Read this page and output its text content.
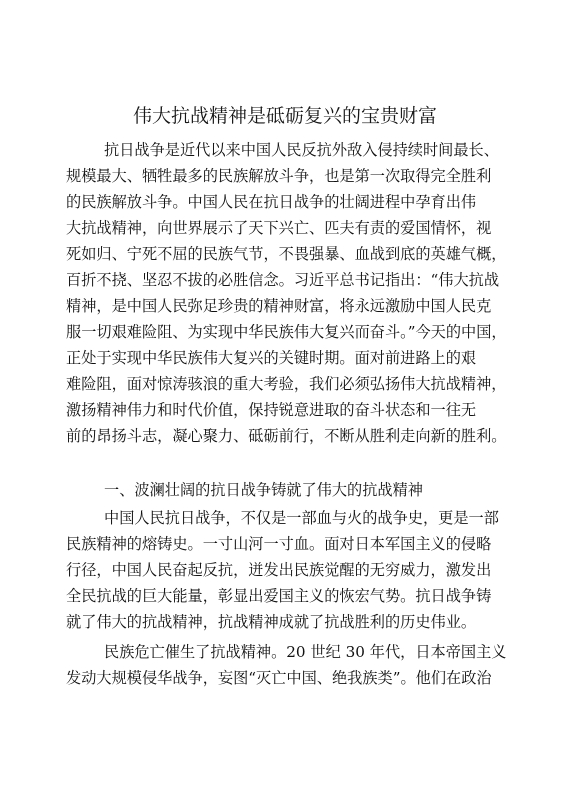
伟大抗战精神是砥砺复兴的宝贵财富
抗日战争是近代以来中国人民反抗外敌入侵持续时间最长、
规模最大、牺牲最多的民族解放斗争，也是第一次取得完全胜利
的民族解放斗争。中国人民在抗日战争的壮阔进程中孕育出伟
大抗战精神，向世界展示了天下兴亡、匹夫有责的爱国情怀，视
死如归、宁死不屈的民族气节，不畏强暴、血战到底的英雄气概，
百折不挠、坚忍不拔的必胜信念。习近平总书记指出：“伟大抗战
精神，是中国人民弥足珍贵的精神财富，将永远激励中国人民克
服一切艰难险阻、为实现中华民族伟大复兴而奋斗。”今天的中国，
正处于实现中华民族伟大复兴的关键时期。面对前进路上的艰
难险阻，面对惊涛骇浪的重大考验，我们必须弘扬伟大抗战精神，
激扬精神伟力和时代价值，保持锐意进取的奋斗状态和一往无
前的昂扬斗志，凝心聚力、砥砺前行，不断从胜利走向新的胜利。
一、波澜壮阔的抗日战争铸就了伟大的抗战精神
中国人民抗日战争，不仅是一部血与火的战争史，更是一部
民族精神的熔铸史。一寸山河一寸血。面对日本军国主义的侵略
行径，中国人民奋起反抗，迸发出民族觉醒的无穷威力，激发出
全民抗战的巨大能量，彰显出爱国主义的恢宏气势。抗日战争铸
就了伟大的抗战精神，抗战精神成就了抗战胜利的历史伟业。
民族危亡催生了抗战精神。20 世纪 30 年代，日本帝国主义
发动大规模侵华战争，妄图“灭亡中国、绝我族类”。他们在政治
